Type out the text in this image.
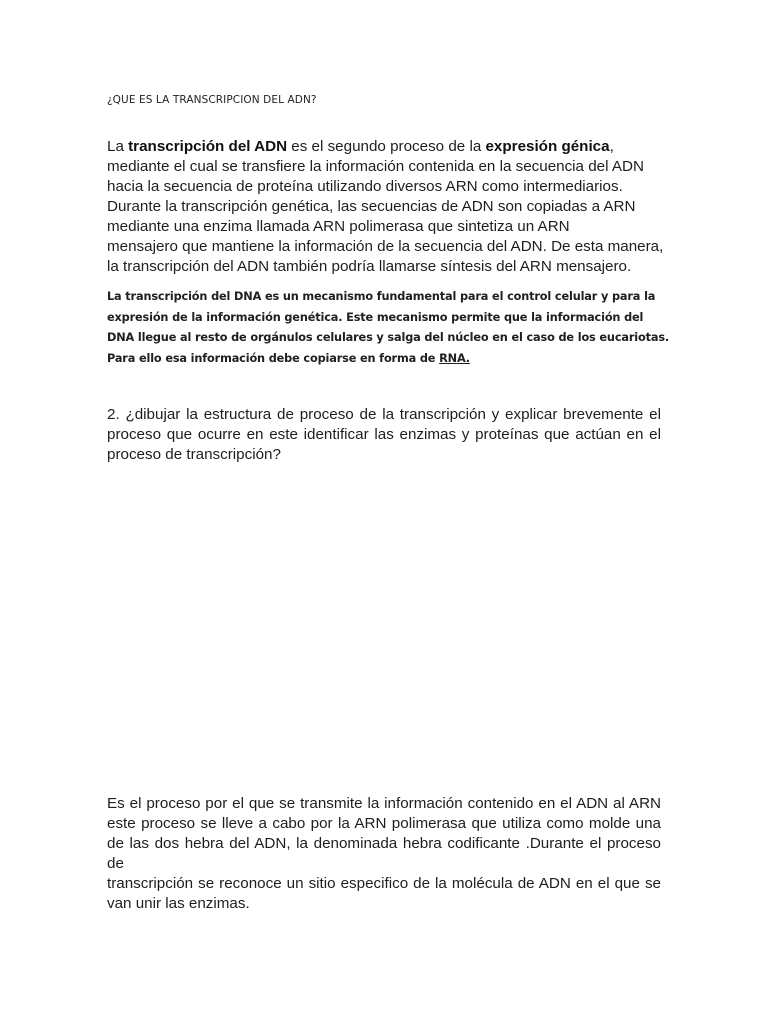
¿QUE ES LA TRANSCRIPCION DEL ADN?
La transcripción del ADN es el segundo proceso de la expresión génica,
mediante el cual se transfiere la información contenida en la secuencia del ADN
hacia la secuencia de proteína utilizando diversos ARN como intermediarios.
Durante la transcripción genética, las secuencias de ADN son copiadas a ARN
mediante una enzima llamada ARN polimerasa que sintetiza un ARN
mensajero que mantiene la información de la secuencia del ADN. De esta manera,
la transcripción del ADN también podría llamarse síntesis del ARN mensajero.
La transcripción del DNA es un mecanismo fundamental para el control celular y para la
expresión de la información genética. Este mecanismo permite que la información del
DNA llegue al resto de orgánulos celulares y salga del núcleo en el caso de los eucariotas.
Para ello esa información debe copiarse en forma de RNA.
2. ¿dibujar la estructura de proceso de la transcripción y explicar brevemente el
proceso que ocurre en este identificar las enzimas y proteínas que actúan en el
proceso de transcripción?
Es el proceso por el que se transmite la información contenido en el ADN al ARN
este proceso se lleve a cabo por la ARN polimerasa que utiliza como molde una
de las dos hebra del ADN, la denominada hebra codificante .Durante el proceso de
transcripción se reconoce un sitio especifico de la molécula de ADN en el que se
van unir las enzimas.
